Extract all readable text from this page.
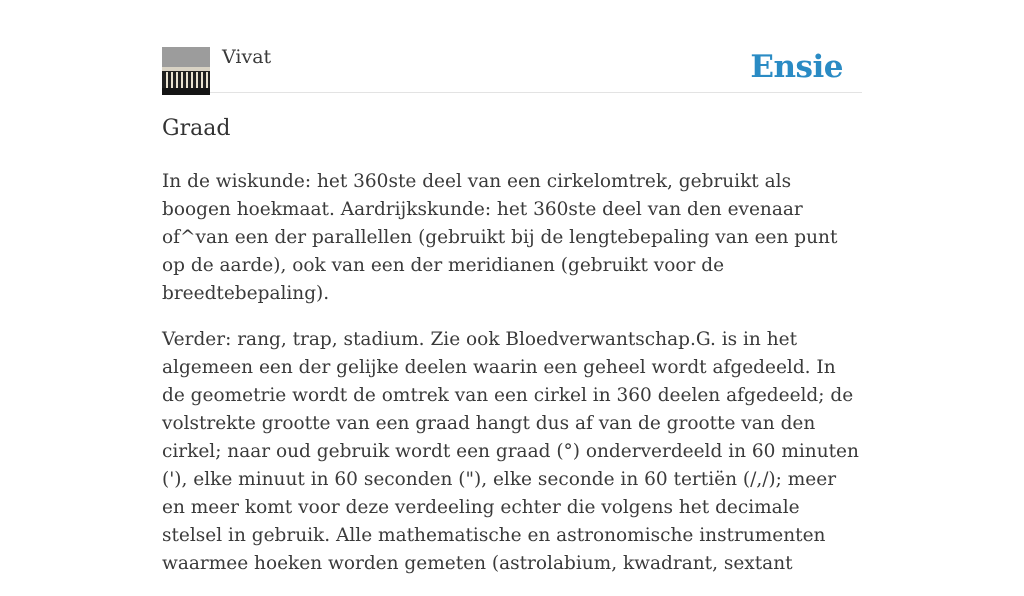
Vivat	Ensie
Graad

In de wiskunde: het 360ste deel van een cirkelomtrek, gebruikt als boogen hoekmaat. Aardrijkskunde: het 360ste deel van den evenaar of^van een der parallellen (gebruikt bij de lengtebepaling van een punt op de aarde), ook van een der meridianen (gebruikt voor de breedtebepaling).

Verder: rang, trap, stadium. Zie ook Bloedverwantschap.G. is in het algemeen een der gelijke deelen waarin een geheel wordt afgedeeld. In de geometrie wordt de omtrek van een cirkel in 360 deelen afgedeeld; de volstrekte grootte van een graad hangt dus af van de grootte van den cirkel; naar oud gebruik wordt een graad (°) onderverdeeld in 60 minuten ('), elke minuut in 60 seconden ("), elke seconde in 60 tertiën (/,/); meer en meer komt voor deze verdeeling echter die volgens het decimale stelsel in gebruik. Alle mathematische en astronomische instrumenten waarmee hoeken worden gemeten (astrolabium, kwadrant, sextant
